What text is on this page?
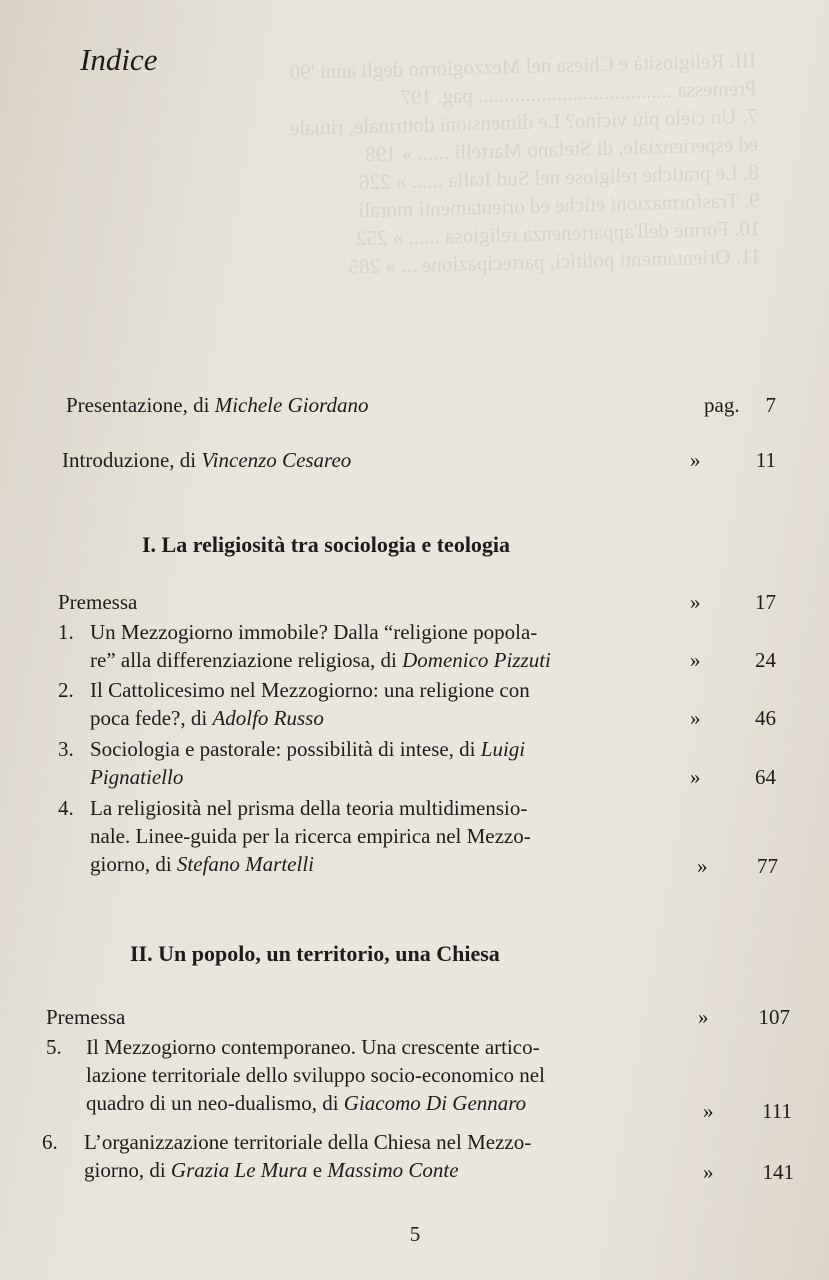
III. Religiosità e Chiesa nel Mezzogiorno degli anni '90
Premessa ..................................... pag. 197
7. Un cielo più vicino? Le dimensioni dottrinale, rituale
ed esperienziale, di Stefano Martelli ...... » 198
8. Le pratiche religiose nel Sud Italia ...... » 226
9. Trasformazioni etiche ed orientamenti morali
10. Forme dell'appartenenza religiosa ...... » 252
11. Orientamenti politici, partecipazione ... » 285
Indice
Presentazione, di Michele Giordano	pag.	7
Introduzione, di Vincenzo Cesareo	»	11
I. La religiosità tra sociologia e teologia
Premessa	»	17
1. Un Mezzogiorno immobile? Dalla “religione popola-
re” alla differenziazione religiosa, di Domenico Pizzuti	»	24
2. Il Cattolicesimo nel Mezzogiorno: una religione con
poca fede?, di Adolfo Russo	»	46
3. Sociologia e pastorale: possibilità di intese, di Luigi
Pignatiello	»	64
4. La religiosità nel prisma della teoria multidimensio-
nale. Linee-guida per la ricerca empirica nel Mezzo-
giorno, di Stefano Martelli	»	77
II. Un popolo, un territorio, una Chiesa
Premessa	»	107
5. Il Mezzogiorno contemporaneo. Una crescente artico-
lazione territoriale dello sviluppo socio-economico nel
quadro di un neo-dualismo, di Giacomo Di Gennaro	»	111
6. L’organizzazione territoriale della Chiesa nel Mezzo-
giorno, di Grazia Le Mura e Massimo Conte	»	141
5
